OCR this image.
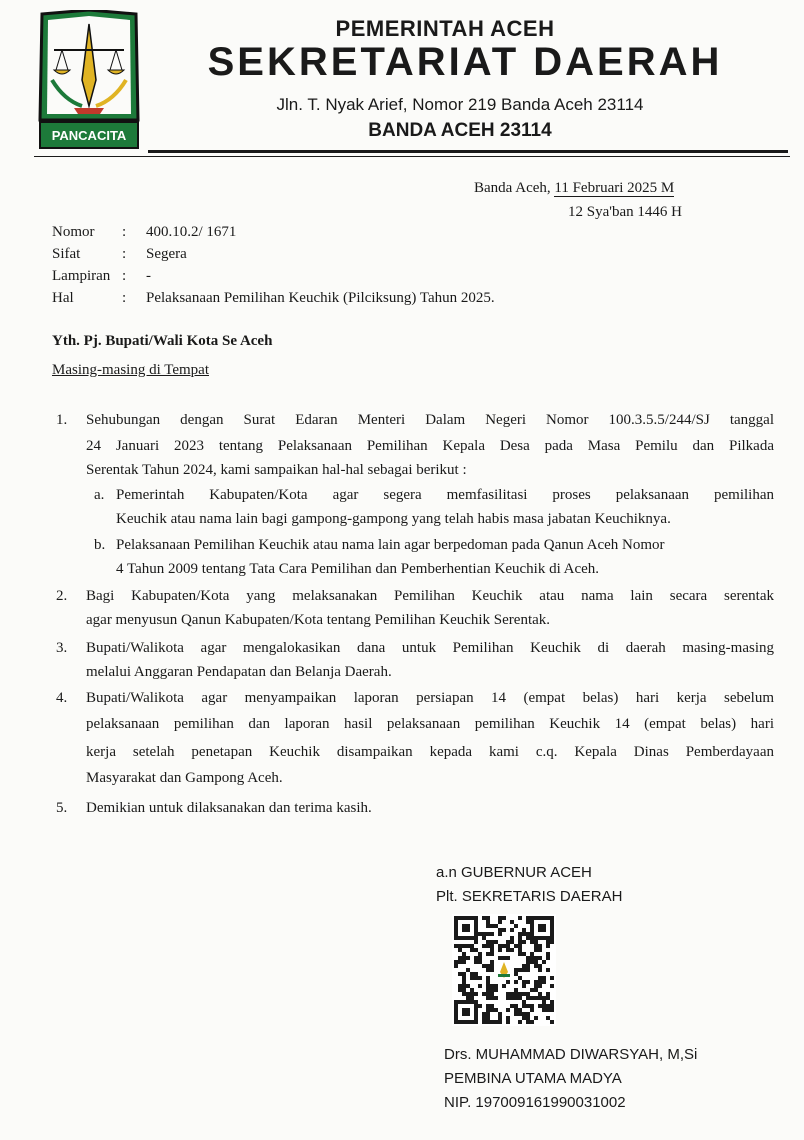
PANCACITA
PEMERINTAH ACEH
SEKRETARIAT DAERAH
Jln. T. Nyak Arief, Nomor 219 Banda Aceh 23114
BANDA ACEH 23114
Banda Aceh, 11 Februari 2025 M
12 Sya'ban 1446 H
Nomor : 400.10.2/ 1671
Sifat	: Segera
Lampiran : -
Hal	: Pelaksanaan Pemilihan Keuchik (Pilciksung) Tahun 2025.
Yth. Pj. Bupati/Wali Kota Se Aceh
Masing-masing di Tempat
1. Sehubungan dengan Surat Edaran Menteri Dalam Negeri Nomor 100.3.5.5/244/SJ tanggal
24 Januari 2023 tentang Pelaksanaan Pemilihan Kepala Desa pada Masa Pemilu dan Pilkada
Serentak Tahun 2024, kami sampaikan hal-hal sebagai berikut :
a. Pemerintah Kabupaten/Kota agar segera memfasilitasi proses pelaksanaan pemilihan
Keuchik atau nama lain bagi gampong-gampong yang telah habis masa jabatan Keuchiknya.
b. Pelaksanaan Pemilihan Keuchik atau nama lain agar berpedoman pada Qanun Aceh Nomor
4 Tahun 2009 tentang Tata Cara Pemilihan dan Pemberhentian Keuchik di Aceh.
2. Bagi Kabupaten/Kota yang melaksanakan Pemilihan Keuchik atau nama lain secara serentak
agar menyusun Qanun Kabupaten/Kota tentang Pemilihan Keuchik Serentak.
3. Bupati/Walikota agar mengalokasikan dana untuk Pemilihan Keuchik di daerah masing-masing
melalui Anggaran Pendapatan dan Belanja Daerah.
4. Bupati/Walikota agar menyampaikan laporan persiapan 14 (empat belas) hari kerja sebelum
pelaksanaan pemilihan dan laporan hasil pelaksanaan pemilihan Keuchik 14 (empat belas) hari
kerja setelah penetapan Keuchik disampaikan kepada kami c.q. Kepala Dinas Pemberdayaan
Masyarakat dan Gampong Aceh.
5. Demikian untuk dilaksanakan dan terima kasih.
a.n GUBERNUR ACEH
Plt. SEKRETARIS DAERAH
Drs. MUHAMMAD DIWARSYAH, M,Si
PEMBINA UTAMA MADYA
NIP. 197009161990031002
